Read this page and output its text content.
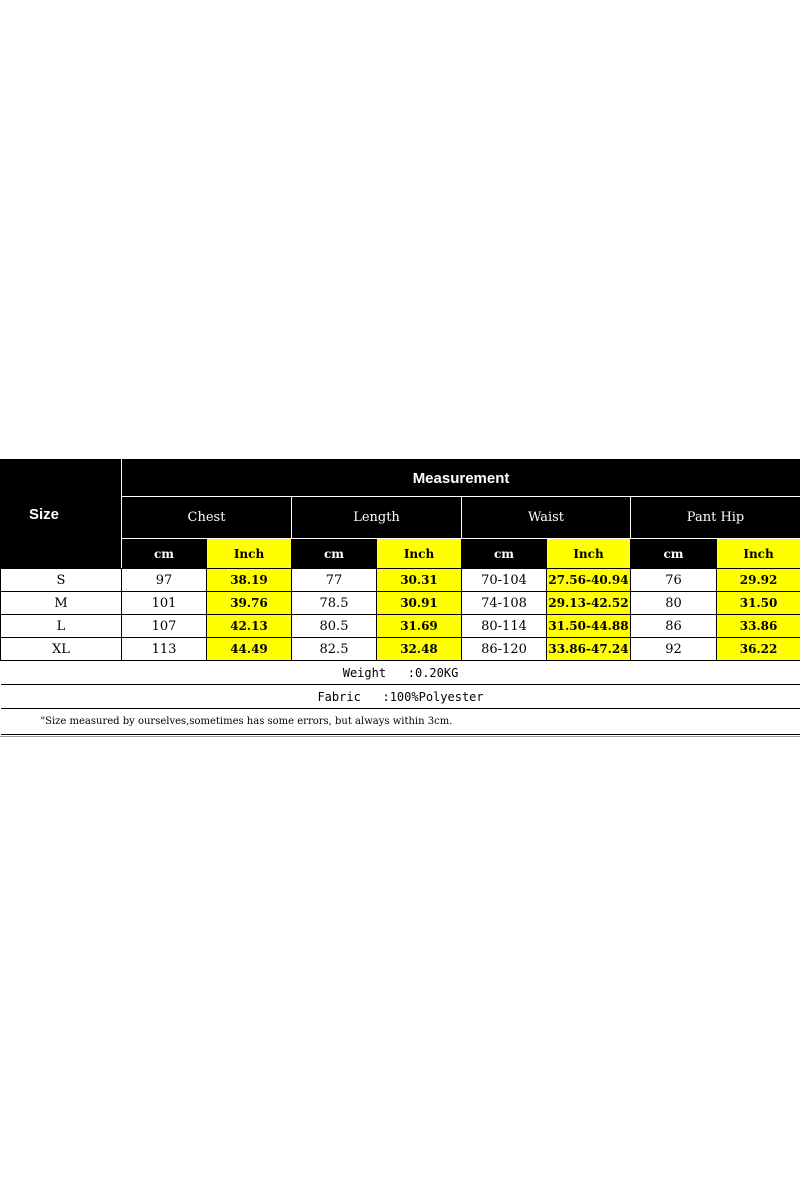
Size	Measurement							
	Chest		Length		Waist		Pant Hip	
	cm	Inch	cm	Inch	cm	Inch	cm	Inch
S	97	38.19	77	30.31	70-104	27.56-40.94	76	29.92
M	101	39.76	78.5	30.91	74-108	29.13-42.52	80	31.50
L	107	42.13	80.5	31.69	80-114	31.50-44.88	86	33.86
XL	113	44.49	82.5	32.48	86-120	33.86-47.24	92	36.22
Weight   :0.20KG								
Fabric   :100%Polyester								
"Size measured by ourselves,sometimes has some errors, but always within 3cm.								
